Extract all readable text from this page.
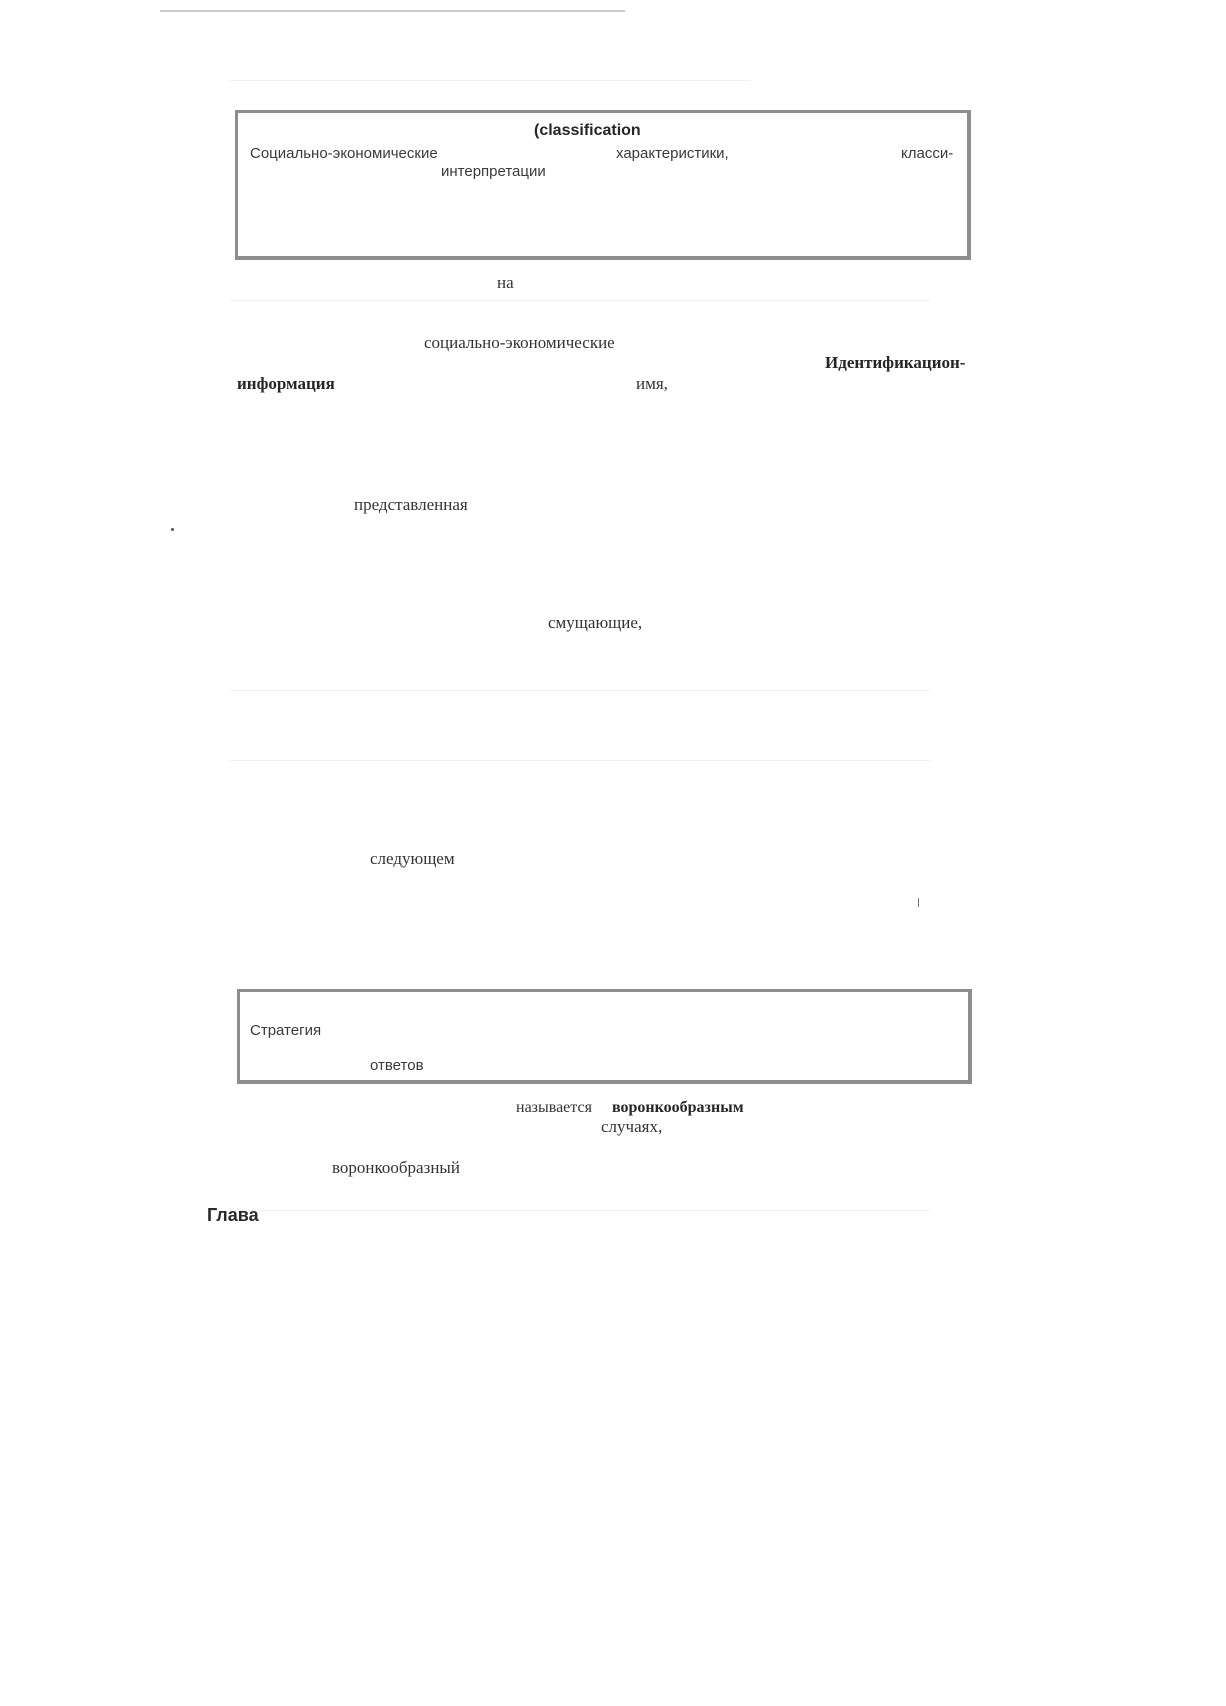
(classification
Социально-экономические	характеристики,	класси-
интерпретации
на
социально-экономические
Идентификацион-
информация	имя,
представленная
смущающие,
следующем
Стратегия
ответов
называется воронкообразным
случаях,
воронкообразный
Глава
